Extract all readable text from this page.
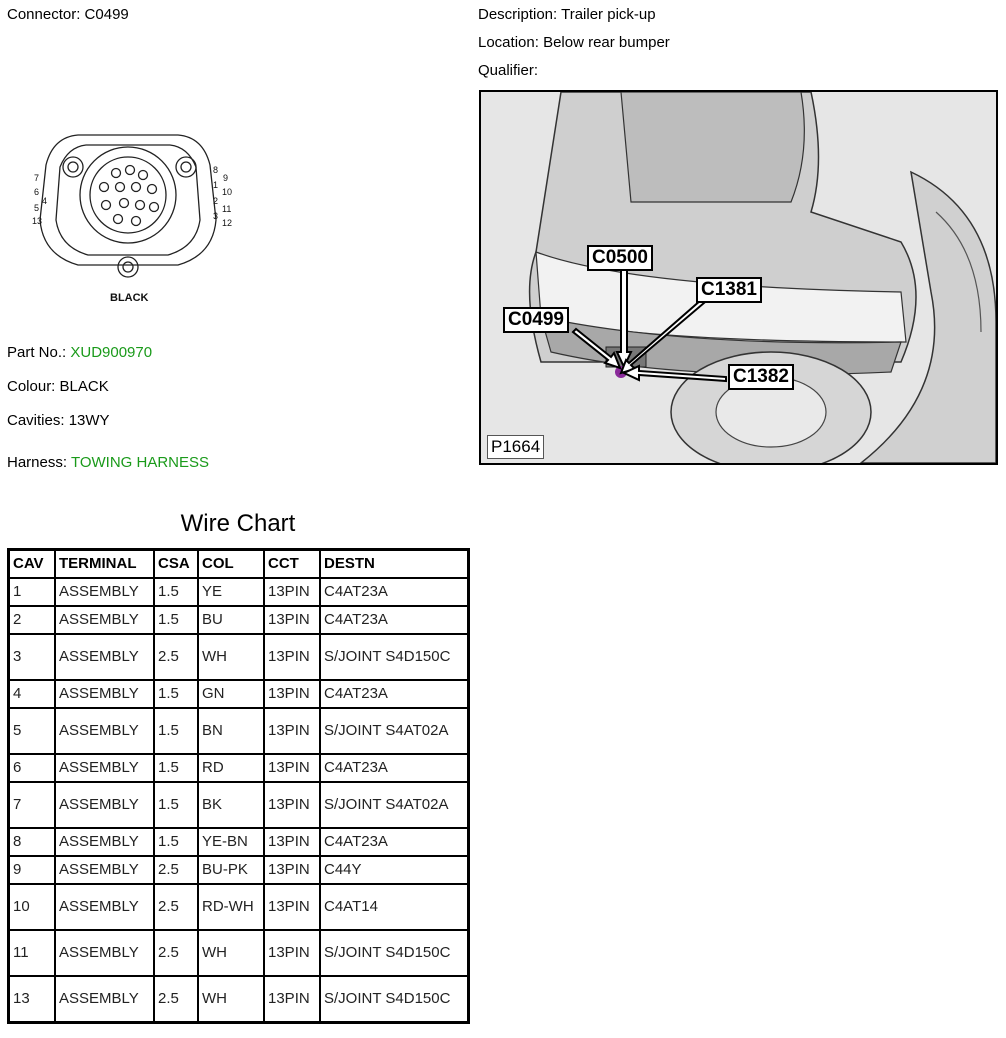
Connector: C0499	Description: Trailer pick-up
Location: Below rear bumper
Qualifier:
7
6
4
5
13
8
9
1
10
2
11
3
12
BLACK
Part No.: XUD900970
Colour: BLACK
Cavities: 13WY
Harness: TOWING HARNESS
C0500
C1381
C0499
C1382
P1664
Wire Chart
CAV	TERMINAL	CSA	COL	CCT	DESTN
1	ASSEMBLY	1.5	YE	13PIN	C4AT23A
2	ASSEMBLY	1.5	BU	13PIN	C4AT23A
3	ASSEMBLY	2.5	WH	13PIN	S/JOINT S4D150C
4	ASSEMBLY	1.5	GN	13PIN	C4AT23A
5	ASSEMBLY	1.5	BN	13PIN	S/JOINT S4AT02A
6	ASSEMBLY	1.5	RD	13PIN	C4AT23A
7	ASSEMBLY	1.5	BK	13PIN	S/JOINT S4AT02A
8	ASSEMBLY	1.5	YE-BN	13PIN	C4AT23A
9	ASSEMBLY	2.5	BU-PK	13PIN	C44Y
10	ASSEMBLY	2.5	RD-WH	13PIN	C4AT14
11	ASSEMBLY	2.5	WH	13PIN	S/JOINT S4D150C
13	ASSEMBLY	2.5	WH	13PIN	S/JOINT S4D150C
